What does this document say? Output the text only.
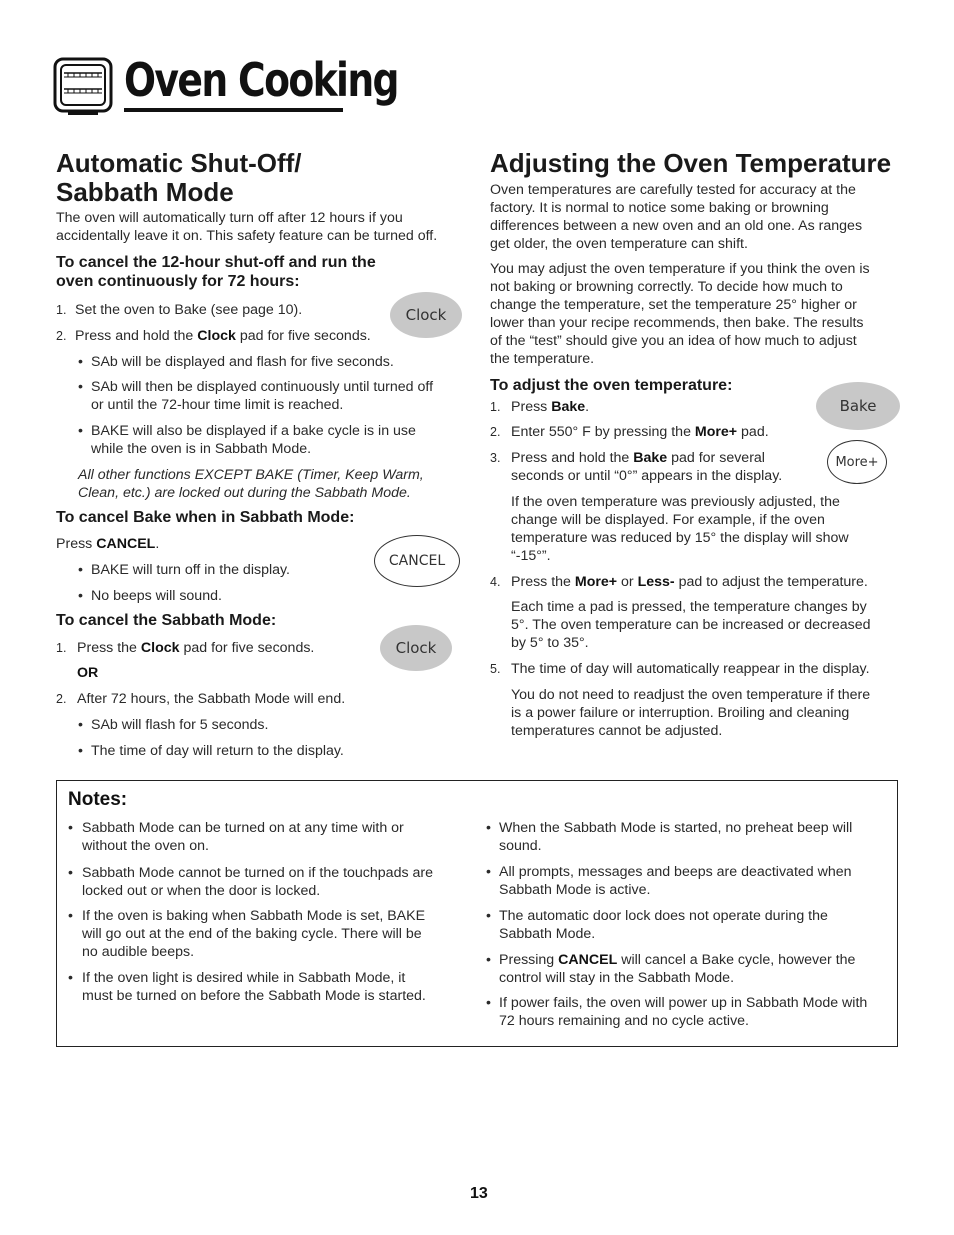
Oven Cooking
Automatic Shut-Off/
Sabbath Mode
The oven will automatically turn off after 12 hours if you
accidentally leave it on. This safety feature can be turned off.
To cancel the 12-hour shut-off and run the
oven continuously for 72 hours:
1. Set the oven to Bake (see page 10).
2. Press and hold the Clock pad for five seconds.
• SAb will be displayed and flash for five seconds.
• SAb will then be displayed continuously until turned off
or until the 72-hour time limit is reached.
• BAKE will also be displayed if a bake cycle is in use
while the oven is in Sabbath Mode.
All other functions EXCEPT BAKE (Timer, Keep Warm,
Clean, etc.) are locked out during the Sabbath Mode.
Clock
To cancel Bake when in Sabbath Mode:
Press CANCEL.
• BAKE will turn off in the display.
• No beeps will sound.
CANCEL
To cancel the Sabbath Mode:
1. Press the Clock pad for five seconds.
OR
2. After 72 hours, the Sabbath Mode will end.
• SAb will flash for 5 seconds.
• The time of day will return to the display.
Clock
Adjusting the Oven Temperature
Oven temperatures are carefully tested for accuracy at the
factory. It is normal to notice some baking or browning
differences between a new oven and an old one. As ranges
get older, the oven temperature can shift.
You may adjust the oven temperature if you think the oven is
not baking or browning correctly. To decide how much to
change the temperature, set the temperature 25° higher or
lower than your recipe recommends, then bake. The results
of the “test” should give you an idea of how much to adjust
the temperature.
To adjust the oven temperature:
1. Press Bake.
2. Enter 550° F by pressing the More+ pad.
3. Press and hold the Bake pad for several
seconds or until “0°” appears in the display.
If the oven temperature was previously adjusted, the
change will be displayed. For example, if the oven
temperature was reduced by 15° the display will show
“-15°”.
4. Press the More+ or Less- pad to adjust the temperature.
Each time a pad is pressed, the temperature changes by
5°. The oven temperature can be increased or decreased
by 5° to 35°.
5. The time of day will automatically reappear in the display.
You do not need to readjust the oven temperature if there
is a power failure or interruption. Broiling and cleaning
temperatures cannot be adjusted.
Bake
More+
Notes:
• Sabbath Mode can be turned on at any time with or
without the oven on.
• Sabbath Mode cannot be turned on if the touchpads are
locked out or when the door is locked.
• If the oven is baking when Sabbath Mode is set, BAKE
will go out at the end of the baking cycle. There will be
no audible beeps.
• If the oven light is desired while in Sabbath Mode, it
must be turned on before the Sabbath Mode is started.
• When the Sabbath Mode is started, no preheat beep will
sound.
• All prompts, messages and beeps are deactivated when
Sabbath Mode is active.
• The automatic door lock does not operate during the
Sabbath Mode.
• Pressing CANCEL will cancel a Bake cycle, however the
control will stay in the Sabbath Mode.
• If power fails, the oven will power up in Sabbath Mode with
72 hours remaining and no cycle active.
13
